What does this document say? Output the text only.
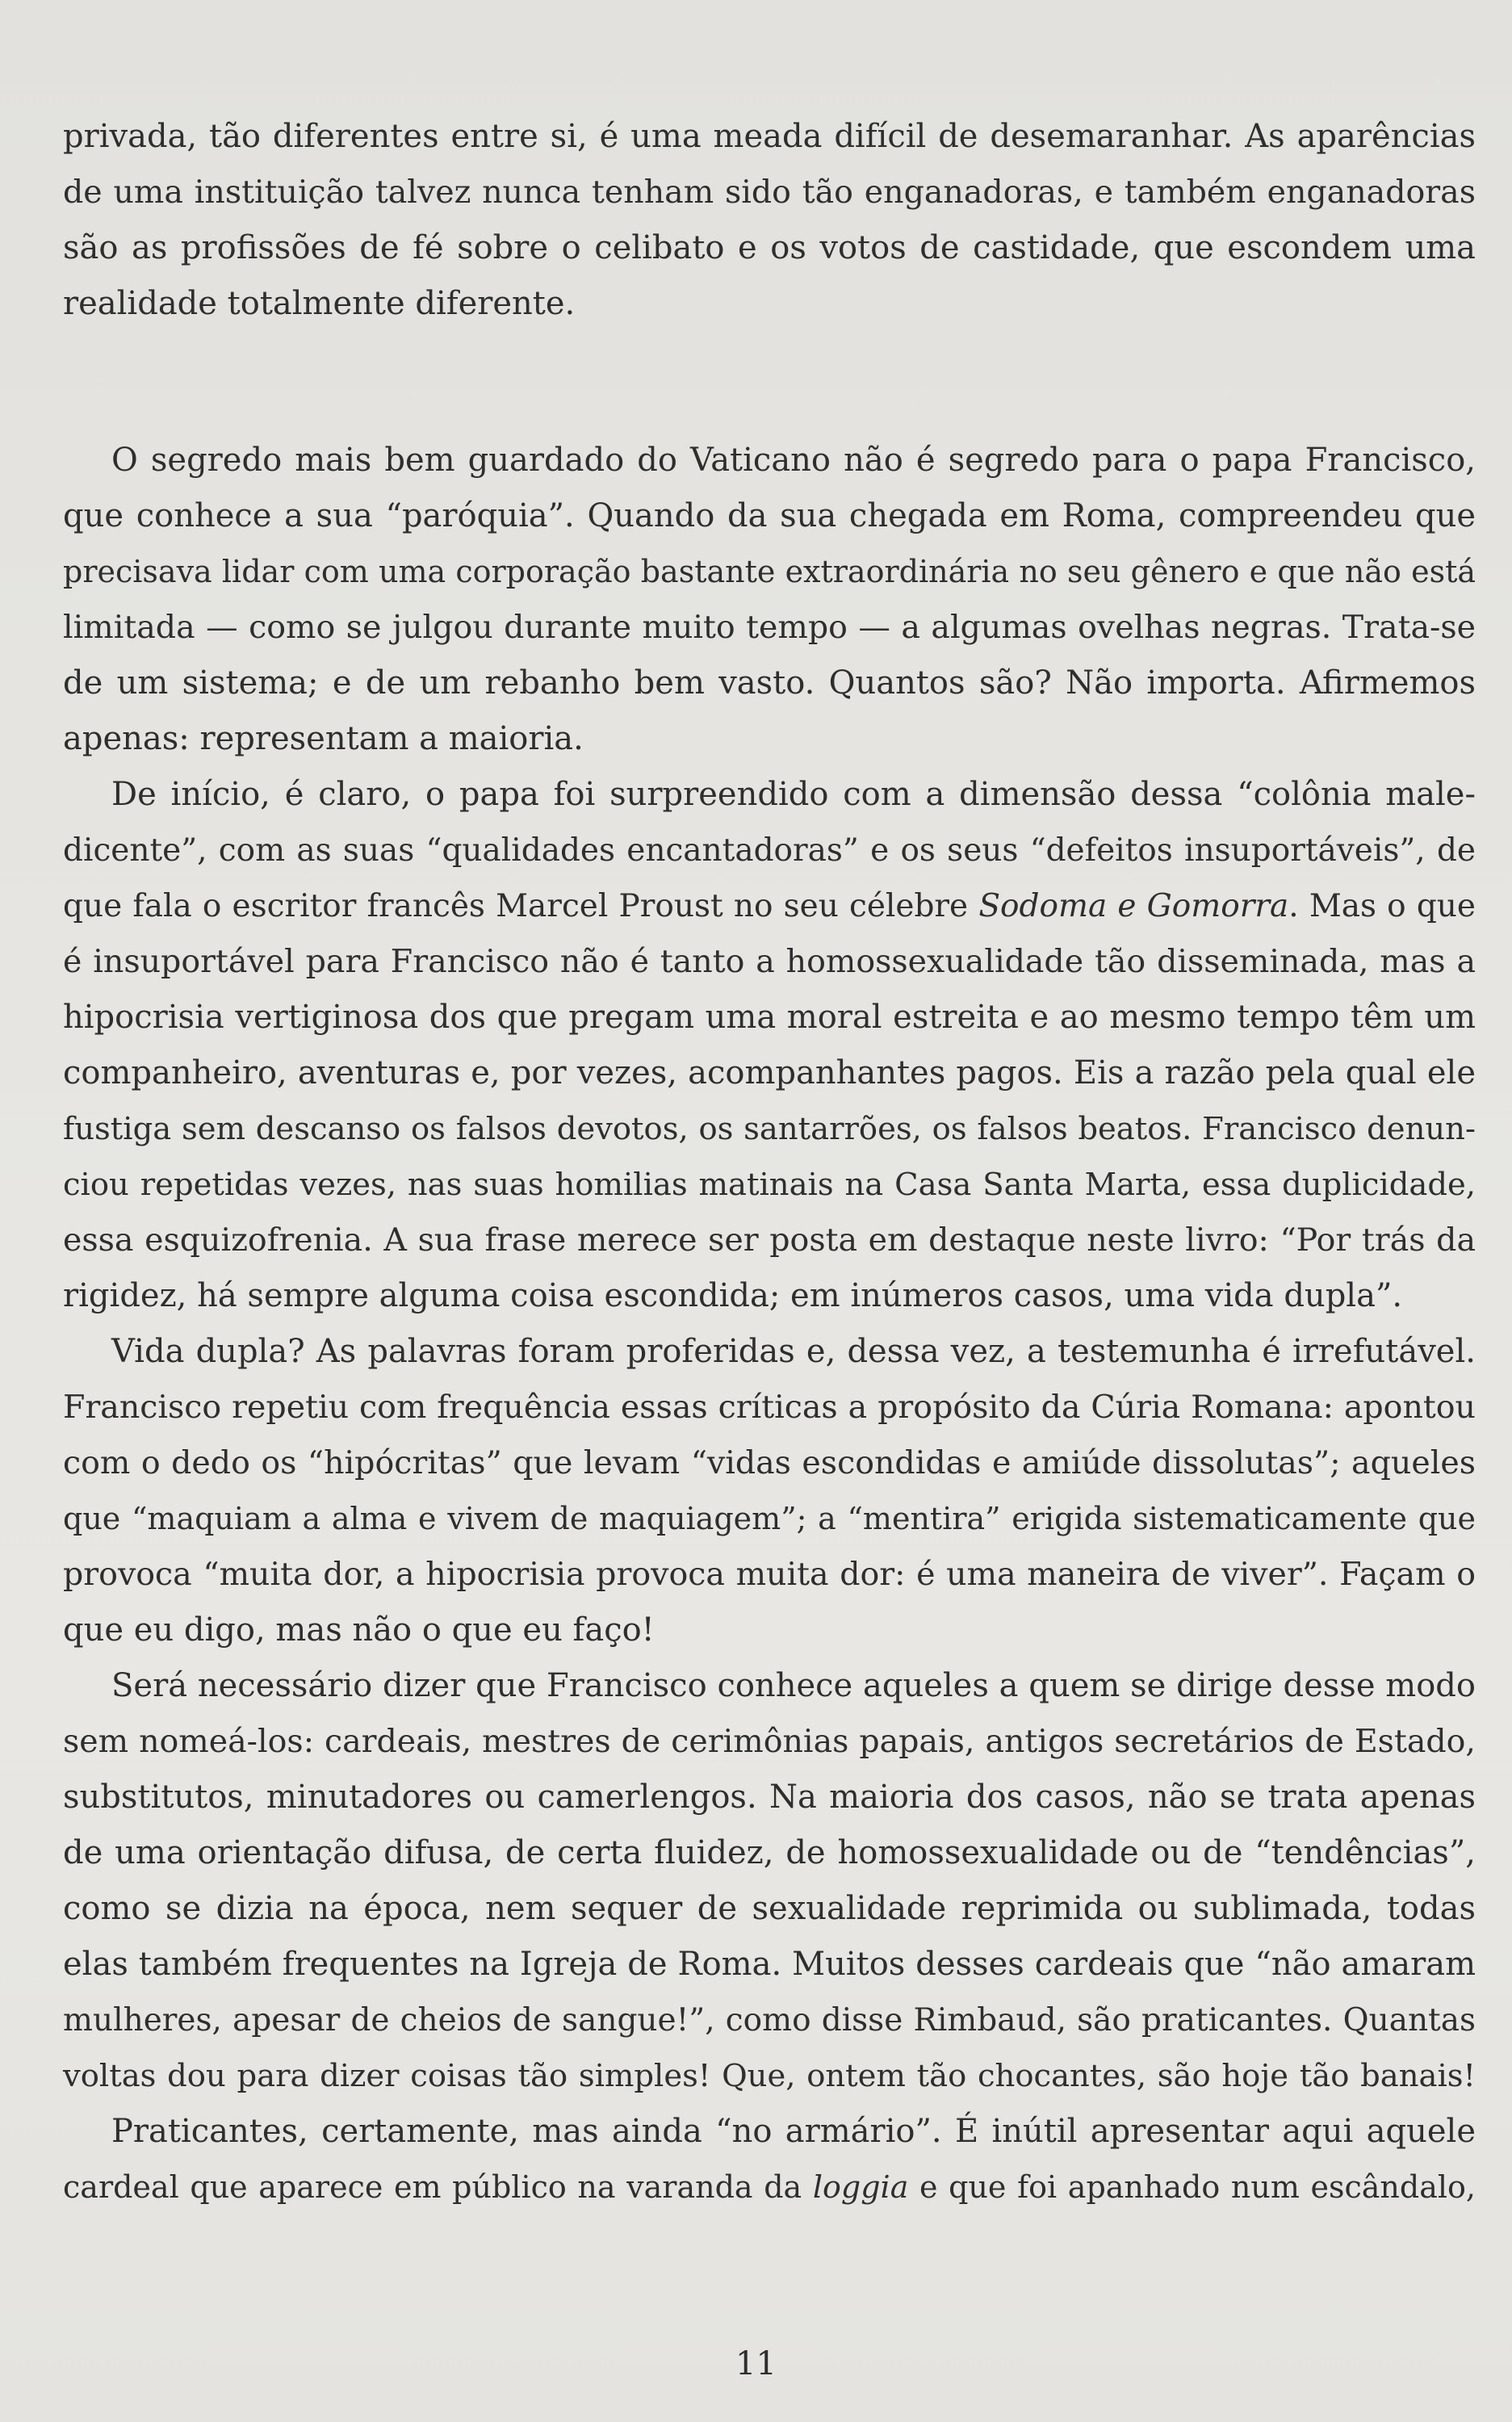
privada, tão diferentes entre si, é uma meada difícil de desemaranhar. As aparências
de uma instituição talvez nunca tenham sido tão enganadoras, e também enganadoras
são as profissões de fé sobre o celibato e os votos de castidade, que escondem uma
realidade totalmente diferente.
O segredo mais bem guardado do Vaticano não é segredo para o papa Francisco,
que conhece a sua “paróquia”. Quando da sua chegada em Roma, compreendeu que
precisava lidar com uma corporação bastante extraordinária no seu gênero e que não está
limitada — como se julgou durante muito tempo — a algumas ovelhas negras. Trata-se
de um sistema; e de um rebanho bem vasto. Quantos são? Não importa. Afirmemos
apenas: representam a maioria.
De início, é claro, o papa foi surpreendido com a dimensão dessa “colônia male-
dicente”, com as suas “qualidades encantadoras” e os seus “defeitos insuportáveis”, de
que fala o escritor francês Marcel Proust no seu célebre Sodoma e Gomorra. Mas o que
é insuportável para Francisco não é tanto a homossexualidade tão disseminada, mas a
hipocrisia vertiginosa dos que pregam uma moral estreita e ao mesmo tempo têm um
companheiro, aventuras e, por vezes, acompanhantes pagos. Eis a razão pela qual ele
fustiga sem descanso os falsos devotos, os santarrões, os falsos beatos. Francisco denun-
ciou repetidas vezes, nas suas homilias matinais na Casa Santa Marta, essa duplicidade,
essa esquizofrenia. A sua frase merece ser posta em destaque neste livro: “Por trás da
rigidez, há sempre alguma coisa escondida; em inúmeros casos, uma vida dupla”.
Vida dupla? As palavras foram proferidas e, dessa vez, a testemunha é irrefutável.
Francisco repetiu com frequência essas críticas a propósito da Cúria Romana: apontou
com o dedo os “hipócritas” que levam “vidas escondidas e amiúde dissolutas”; aqueles
que “maquiam a alma e vivem de maquiagem”; a “mentira” erigida sistematicamente que
provoca “muita dor, a hipocrisia provoca muita dor: é uma maneira de viver”. Façam o
que eu digo, mas não o que eu faço!
Será necessário dizer que Francisco conhece aqueles a quem se dirige desse modo
sem nomeá-los: cardeais, mestres de cerimônias papais, antigos secretários de Estado,
substitutos, minutadores ou camerlengos. Na maioria dos casos, não se trata apenas
de uma orientação difusa, de certa fluidez, de homossexualidade ou de “tendências”,
como se dizia na época, nem sequer de sexualidade reprimida ou sublimada, todas
elas também frequentes na Igreja de Roma. Muitos desses cardeais que “não amaram
mulheres, apesar de cheios de sangue!”, como disse Rimbaud, são praticantes. Quantas
voltas dou para dizer coisas tão simples! Que, ontem tão chocantes, são hoje tão banais!
Praticantes, certamente, mas ainda “no armário”. É inútil apresentar aqui aquele
cardeal que aparece em público na varanda da loggia e que foi apanhado num escândalo,
11
